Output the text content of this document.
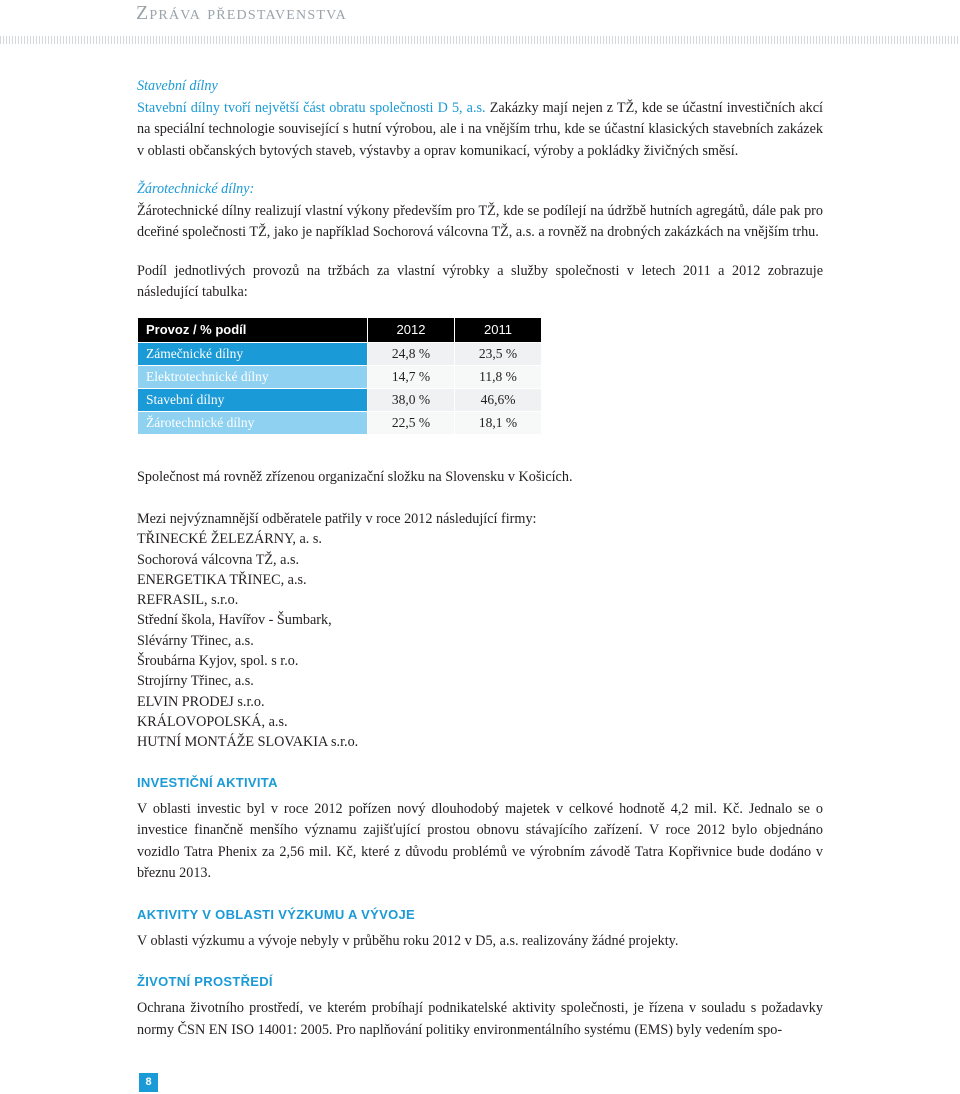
Zpráva představenstva

Stavební dílny

Stavební dílny tvoří největší část obratu společnosti D 5, a.s. Zakázky mají nejen z TŽ, kde se účastní investičních akcí na speciální technologie související s hutní výrobou, ale i na vnějším trhu, kde se účastní klasických stavebních zakázek v oblasti občanských bytových staveb, výstavby a oprav komunikací, výroby a pokládky živičných směsí.

Žárotechnické dílny:

Žárotechnické dílny realizují vlastní výkony především pro TŽ, kde se podílejí na údržbě hutních agregátů, dále pak pro dceřiné společnosti TŽ, jako je například Sochorová válcovna TŽ, a.s. a rovněž na drobných zakázkách na vnějším trhu.

Podíl jednotlivých provozů na tržbách za vlastní výrobky a služby společnosti v letech 2011 a 2012 zobrazuje následující tabulka:

Provoz / % podíl	2012	2011
Zámečnické dílny	24,8 %	23,5 %
Elektrotechnické dílny	14,7 %	11,8 %
Stavební dílny	38,0 %	46,6%
Žárotechnické dílny	22,5 %	18,1 %

Společnost má rovněž zřízenou organizační složku na Slovensku v Košicích.

Mezi nejvýznamnější odběratele patřily v roce 2012 následující firmy:

TŘINECKÉ ŽELEZÁRNY, a. s.

Sochorová válcovna TŽ, a.s.

ENERGETIKA TŘINEC, a.s.

REFRASIL, s.r.o.

Střední škola, Havířov - Šumbark,

Slévárny Třinec, a.s.

Šroubárna Kyjov, spol. s r.o.

Strojírny Třinec, a.s.

ELVIN PRODEJ s.r.o.

KRÁLOVOPOLSKÁ, a.s.

HUTNÍ MONTÁŽE SLOVAKIA s.r.o.

INVESTIČNÍ AKTIVITA

V oblasti investic byl v roce 2012 pořízen nový dlouhodobý majetek v celkové hodnotě 4,2 mil. Kč. Jednalo se o investice finančně menšího významu zajišťující prostou obnovu stávajícího zařízení. V roce 2012 bylo objednáno vozidlo Tatra Phenix za 2,56 mil. Kč, které z důvodu problémů ve výrobním závodě Tatra Kopřivnice bude dodáno v březnu 2013.

AKTIVITY V OBLASTI VÝZKUMU A VÝVOJE

V oblasti výzkumu a vývoje nebyly v průběhu roku 2012 v D5, a.s. realizovány žádné projekty.

ŽIVOTNÍ PROSTŘEDÍ

Ochrana životního prostředí, ve kterém probíhají podnikatelské aktivity společnosti, je řízena v souladu s požadavky normy ČSN EN ISO 14001: 2005. Pro naplňování politiky environmentálního systému (EMS) byly vedením spo-

8
